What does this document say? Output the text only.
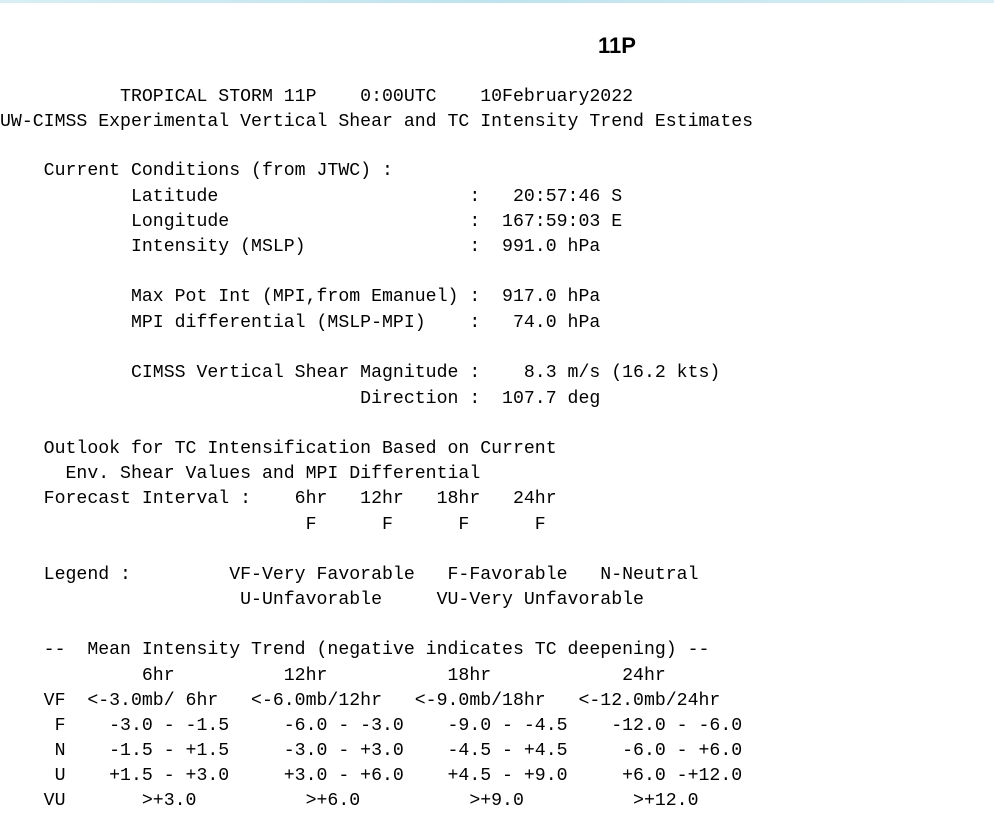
11P
TROPICAL STORM 11P    0:00UTC    10February2022
UW-CIMSS Experimental Vertical Shear and TC Intensity Trend Estimates
Current Conditions (from JTWC) :
Latitude                       :   20:57:46 S
Longitude                      :  167:59:03 E
Intensity (MSLP)               :  991.0 hPa
Max Pot Int (MPI,from Emanuel) :  917.0 hPa
MPI differential (MSLP-MPI)    :   74.0 hPa
CIMSS Vertical Shear Magnitude :    8.3 m/s (16.2 kts)
Direction :  107.7 deg
Outlook for TC Intensification Based on Current
Env. Shear Values and MPI Differential
Forecast Interval :    6hr   12hr   18hr   24hr
F      F      F      F
Legend :         VF-Very Favorable   F-Favorable   N-Neutral
U-Unfavorable     VU-Very Unfavorable
--  Mean Intensity Trend (negative indicates TC deepening) --
6hr          12hr           18hr            24hr
VF  <-3.0mb/ 6hr   <-6.0mb/12hr   <-9.0mb/18hr   <-12.0mb/24hr
F    -3.0 - -1.5     -6.0 - -3.0    -9.0 - -4.5    -12.0 - -6.0
N    -1.5 - +1.5     -3.0 - +3.0    -4.5 - +4.5     -6.0 - +6.0
U    +1.5 - +3.0     +3.0 - +6.0    +4.5 - +9.0     +6.0 -+12.0
VU       >+3.0          >+6.0          >+9.0          >+12.0
